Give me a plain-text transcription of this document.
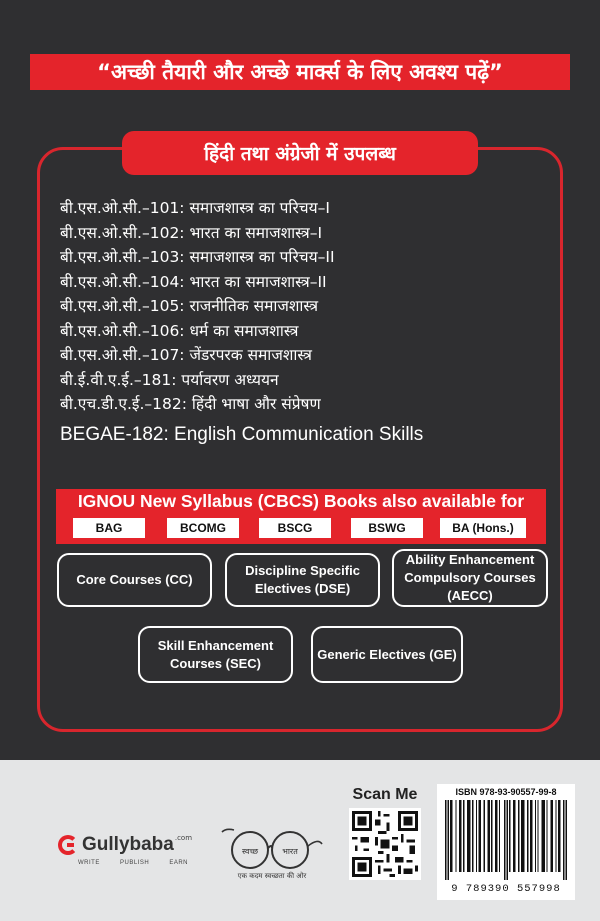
“अच्छी तैयारी और अच्छे मार्क्स के लिए अवश्य पढ़ें”
हिंदी तथा अंग्रेजी में उपलब्ध
बी.एस.ओ.सी.–101: समाजशास्त्र का परिचय–I
बी.एस.ओ.सी.–102: भारत का समाजशास्त्र–I
बी.एस.ओ.सी.–103: समाजशास्त्र का परिचय–II
बी.एस.ओ.सी.–104: भारत का समाजशास्त्र–II
बी.एस.ओ.सी.–105: राजनीतिक समाजशास्त्र
बी.एस.ओ.सी.–106: धर्म का समाजशास्त्र
बी.एस.ओ.सी.–107: जेंडरपरक समाजशास्त्र
बी.ई.वी.ए.ई.–181: पर्यावरण अध्ययन
बी.एच.डी.ए.ई.–182: हिंदी भाषा और संप्रेषण
BEGAE-182: English Communication Skills
IGNOU New Syllabus (CBCS) Books also available for
BAG	BCOMG	BSCG	BSWG	BA (Hons.)
Core Courses (CC)
Discipline Specific Electives (DSE)
Ability Enhancement Compulsory Courses (AECC)
Skill Enhancement Courses (SEC)
Generic Electives (GE)
Gullybaba .com
WRITE	PUBLISH	EARN
स्वच्छ	भारत
एक कदम स्वच्छता की ओर
Scan Me	ISBN 978-93-90557-99-8
9 789390 557998
